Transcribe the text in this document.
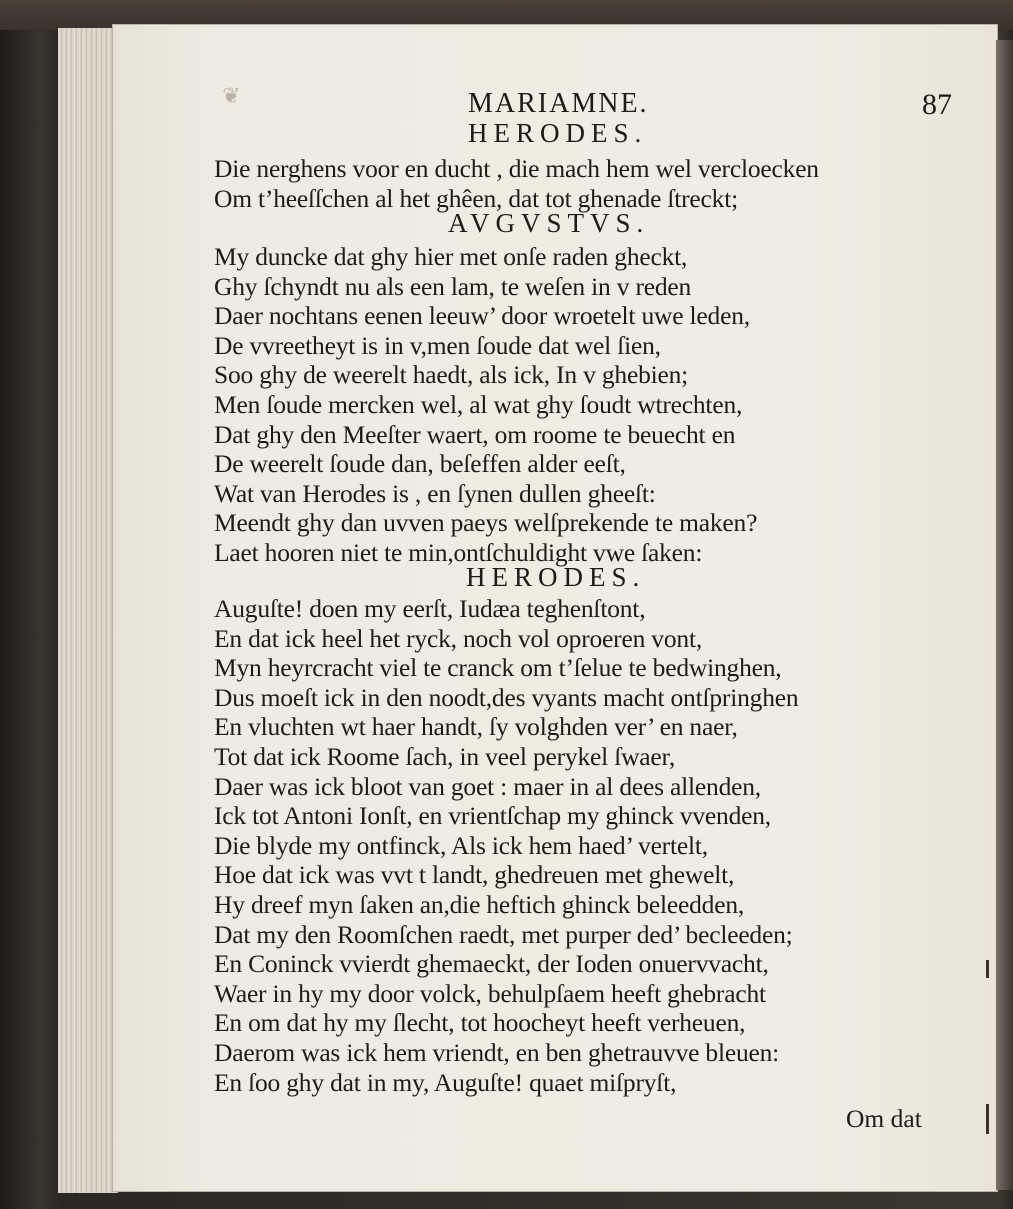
❦	MARIAMNE.	87
HERODES.
Die nerghens voor en ducht , die mach hem wel vercloecken
Om t’heeſſchen al het ghêen, dat tot ghenade ſtreckt;
AVGVSTVS.
My duncke dat ghy hier met onſe raden gheckt,
Ghy ſchyndt nu als een lam, te weſen in v reden
Daer nochtans eenen leeuw’ door wroetelt uwe leden,
De vvreetheyt is in v,men ſoude dat wel ſien,
Soo ghy de weerelt haedt, als ick, In v ghebien;
Men ſoude mercken wel, al wat ghy ſoudt wtrechten,
Dat ghy den Meeſter waert, om roome te beuecht en
De weerelt ſoude dan, beſeffen alder eeſt,
Wat van Herodes is , en ſynen dullen gheeſt:
Meendt ghy dan uvven paeys welſprekende te maken?
Laet hooren niet te min,ontſchuldight vwe ſaken:
HERODES.
Auguſte! doen my eerſt, Iudæa teghenſtont,
En dat ick heel het ryck, noch vol oproeren vont,
Myn heyrcracht viel te cranck om t’ſelue te bedwinghen,
Dus moeſt ick in den noodt,des vyants macht ontſpringhen
En vluchten wt haer handt, ſy volghden ver’ en naer,
Tot dat ick Roome ſach, in veel perykel ſwaer,
Daer was ick bloot van goet : maer in al dees allenden,
Ick tot Antoni Ionſt, en vrientſchap my ghinck vvenden,
Die blyde my ontfinck, Als ick hem haed’ vertelt,
Hoe dat ick was vvt t landt, ghedreuen met ghewelt,
Hy dreef myn ſaken an,die heftich ghinck beleedden,
Dat my den Roomſchen raedt, met purper ded’ becleeden;
En Coninck vvierdt ghemaeckt, der Ioden onuervvacht,
Waer in hy my door volck, behulpſaem heeft ghebracht
En om dat hy my ſlecht, tot hoocheyt heeft verheuen,
Daerom was ick hem vriendt, en ben ghetrauvve bleuen:
En ſoo ghy dat in my, Auguſte! quaet miſpryſt,
Om dat
